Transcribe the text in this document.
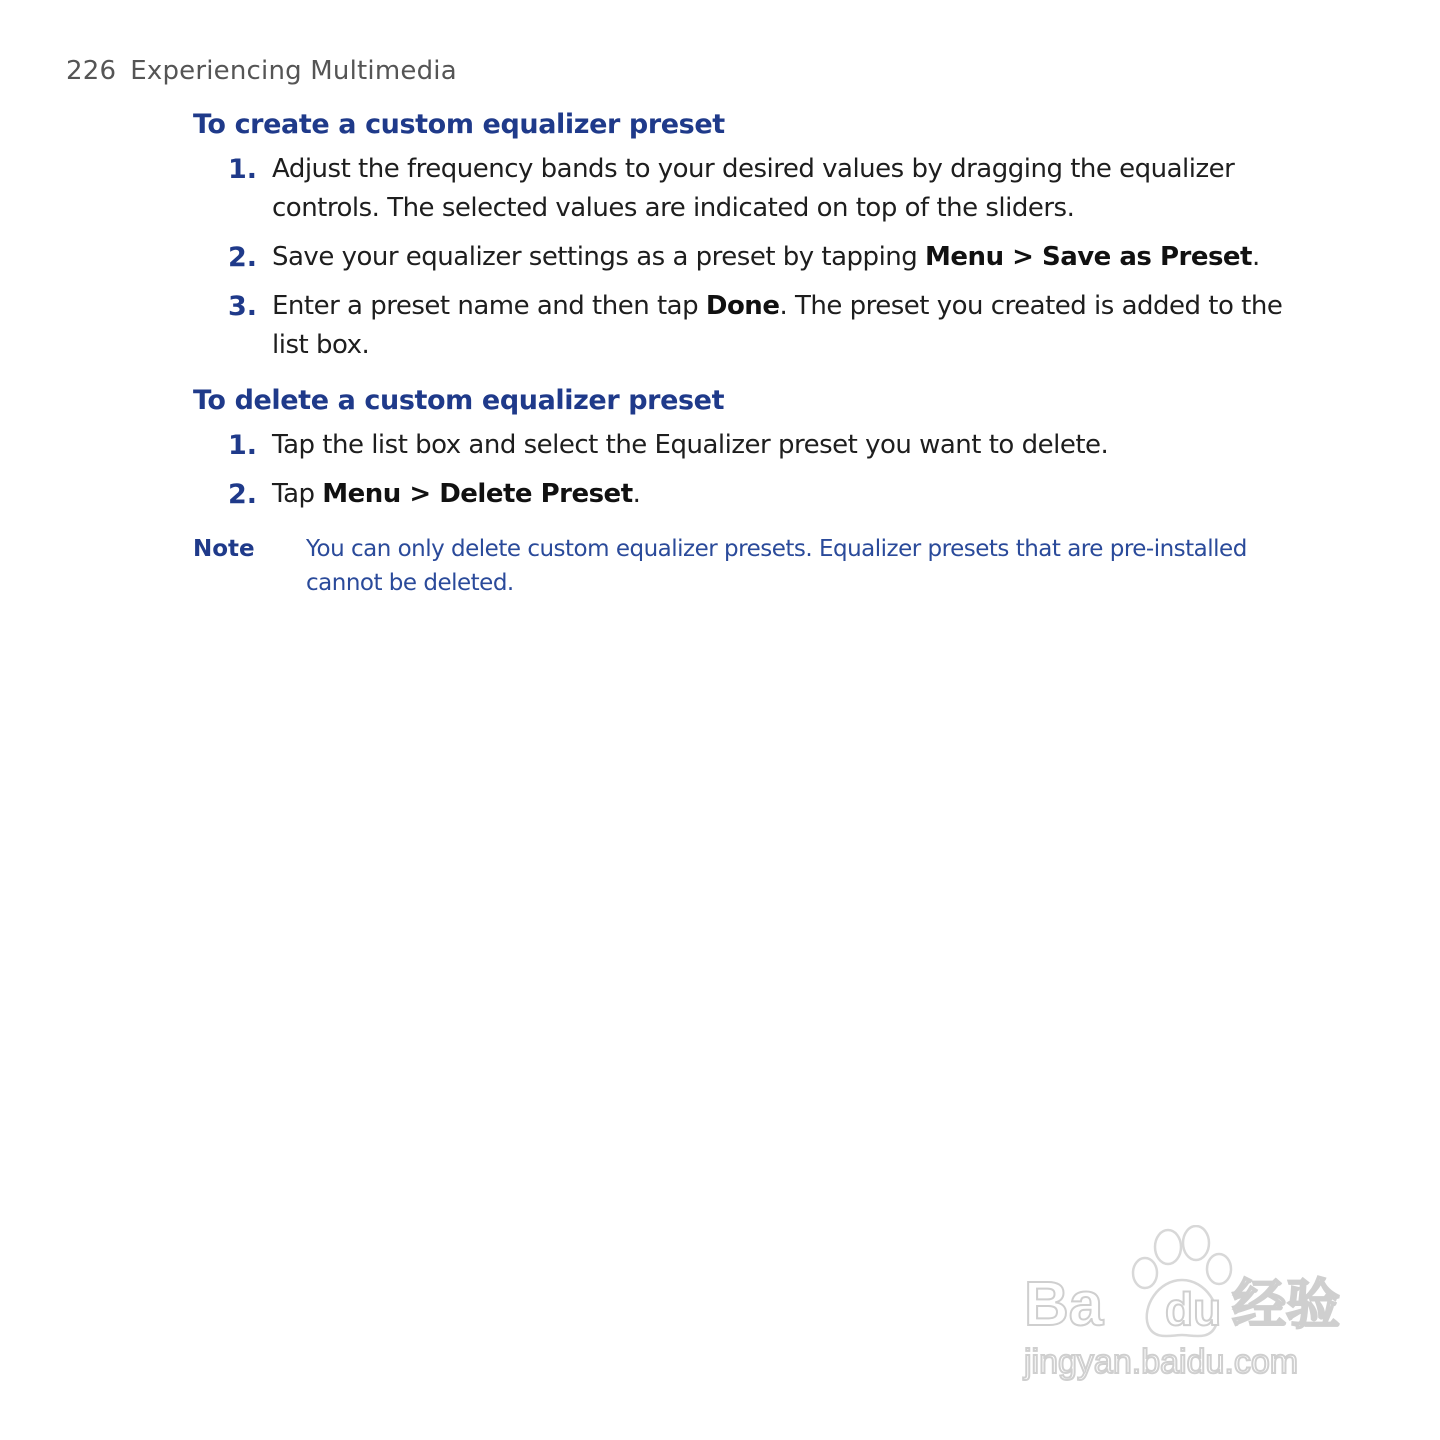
226 Experiencing Multimedia
To create a custom equalizer preset
1. Adjust the frequency bands to your desired values by dragging the equalizer controls. The selected values are indicated on top of the sliders.
2. Save your equalizer settings as a preset by tapping Menu > Save as Preset.
3. Enter a preset name and then tap Done. The preset you created is added to the list box.
To delete a custom equalizer preset
1. Tap the list box and select the Equalizer preset you want to delete.
2. Tap Menu > Delete Preset.
Note	You can only delete custom equalizer presets. Equalizer presets that are pre-installed cannot be deleted.
Ba du 经验
jingyan.baidu.com
